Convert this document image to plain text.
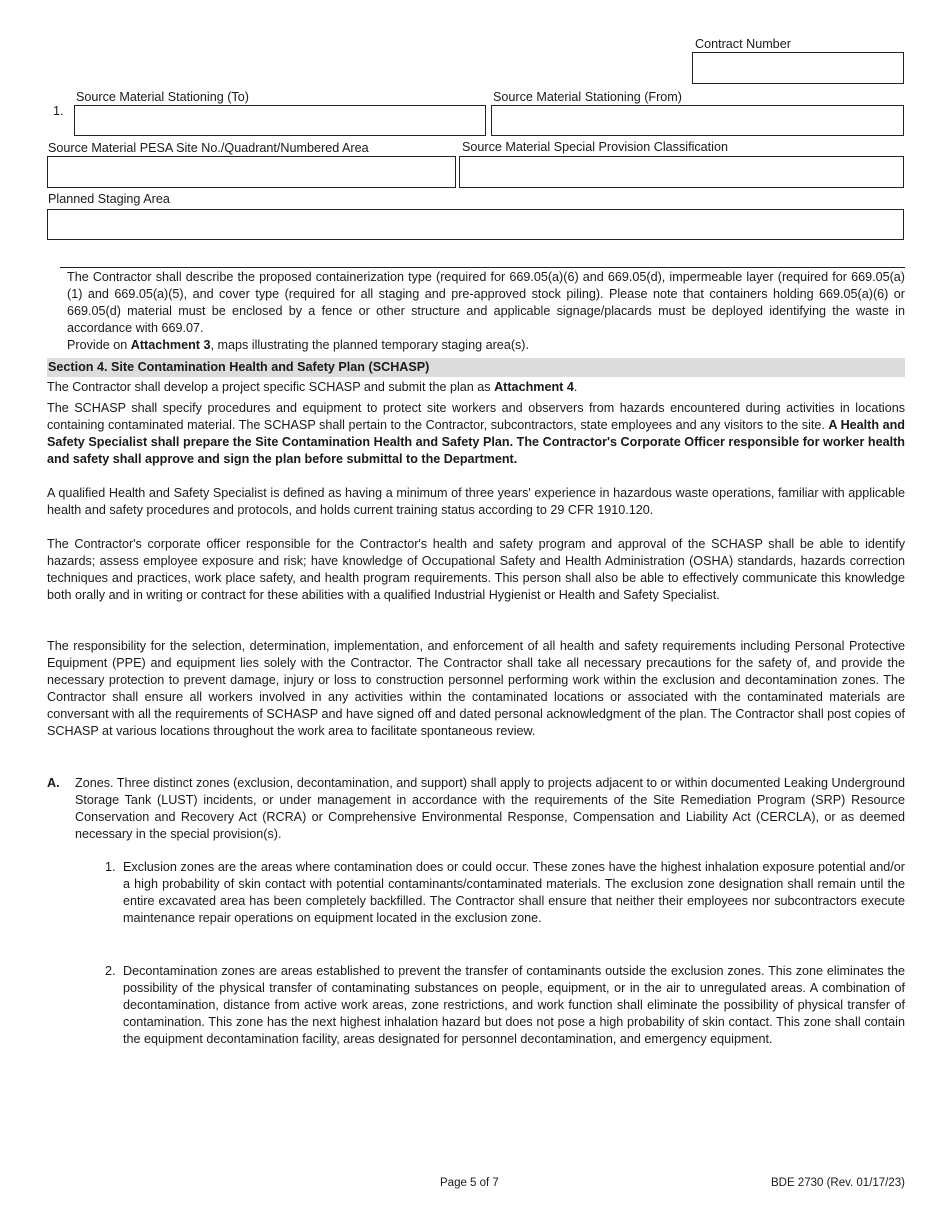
Contract Number
1.
Source Material Stationing (To)	Source Material Stationing (From)
Source Material PESA Site No./Quadrant/Numbered Area	Source Material Special Provision Classification
Planned Staging Area

The Contractor shall describe the proposed containerization type (required for 669.05(a)(6) and 669.05(d), impermeable layer (required for 669.05(a)(1) and 669.05(a)(5), and cover type (required for all staging and pre-approved stock piling). Please note that containers holding 669.05(a)(6) or 669.05(d) material must be enclosed by a fence or other structure and applicable signage/placards must be deployed identifying the waste in accordance with 669.07.

Provide on Attachment 3, maps illustrating the planned temporary staging area(s).

Section 4. Site Contamination Health and Safety Plan (SCHASP)

The Contractor shall develop a project specific SCHASP and submit the plan as Attachment 4.

The SCHASP shall specify procedures and equipment to protect site workers and observers from hazards encountered during activities in locations containing contaminated material. The SCHASP shall pertain to the Contractor, subcontractors, state employees and any visitors to the site. A Health and Safety Specialist shall prepare the Site Contamination Health and Safety Plan. The Contractor's Corporate Officer responsible for worker health and safety shall approve and sign the plan before submittal to the Department.

A qualified Health and Safety Specialist is defined as having a minimum of three years' experience in hazardous waste operations, familiar with applicable health and safety procedures and protocols, and holds current training status according to 29 CFR 1910.120.

The Contractor's corporate officer responsible for the Contractor's health and safety program and approval of the SCHASP shall be able to identify hazards; assess employee exposure and risk; have knowledge of Occupational Safety and Health Administration (OSHA) standards, hazards correction techniques and practices, work place safety, and health program requirements. This person shall also be able to effectively communicate this knowledge both orally and in writing or contract for these abilities with a qualified Industrial Hygienist or Health and Safety Specialist.

The responsibility for the selection, determination, implementation, and enforcement of all health and safety requirements including Personal Protective Equipment (PPE) and equipment lies solely with the Contractor. The Contractor shall take all necessary precautions for the safety of, and provide the necessary protection to prevent damage, injury or loss to construction personnel performing work within the exclusion and decontamination zones. The Contractor shall ensure all workers involved in any activities within the contaminated locations or associated with the contaminated materials are conversant with all the requirements of SCHASP and have signed off and dated personal acknowledgment of the plan. The Contractor shall post copies of SCHASP at various locations throughout the work area to facilitate spontaneous review.

A. Zones. Three distinct zones (exclusion, decontamination, and support) shall apply to projects adjacent to or within documented Leaking Underground Storage Tank (LUST) incidents, or under management in accordance with the requirements of the Site Remediation Program (SRP) Resource Conservation and Recovery Act (RCRA) or Comprehensive Environmental Response, Compensation and Liability Act (CERCLA), or as deemed necessary in the special provision(s).

1. Exclusion zones are the areas where contamination does or could occur. These zones have the highest inhalation exposure potential and/or a high probability of skin contact with potential contaminants/contaminated materials. The exclusion zone designation shall remain until the entire excavated area has been completely backfilled. The Contractor shall ensure that neither their employees nor subcontractors execute maintenance repair operations on equipment located in the exclusion zone.

2. Decontamination zones are areas established to prevent the transfer of contaminants outside the exclusion zones. This zone eliminates the possibility of the physical transfer of contaminating substances on people, equipment, or in the air to unregulated areas. A combination of decontamination, distance from active work areas, zone restrictions, and work function shall eliminate the possibility of physical transfer of contamination. This zone has the next highest inhalation hazard but does not pose a high probability of skin contact. This zone shall contain the equipment decontamination facility, areas designated for personnel decontamination, and emergency equipment.

Page 5 of 7	BDE 2730 (Rev. 01/17/23)
